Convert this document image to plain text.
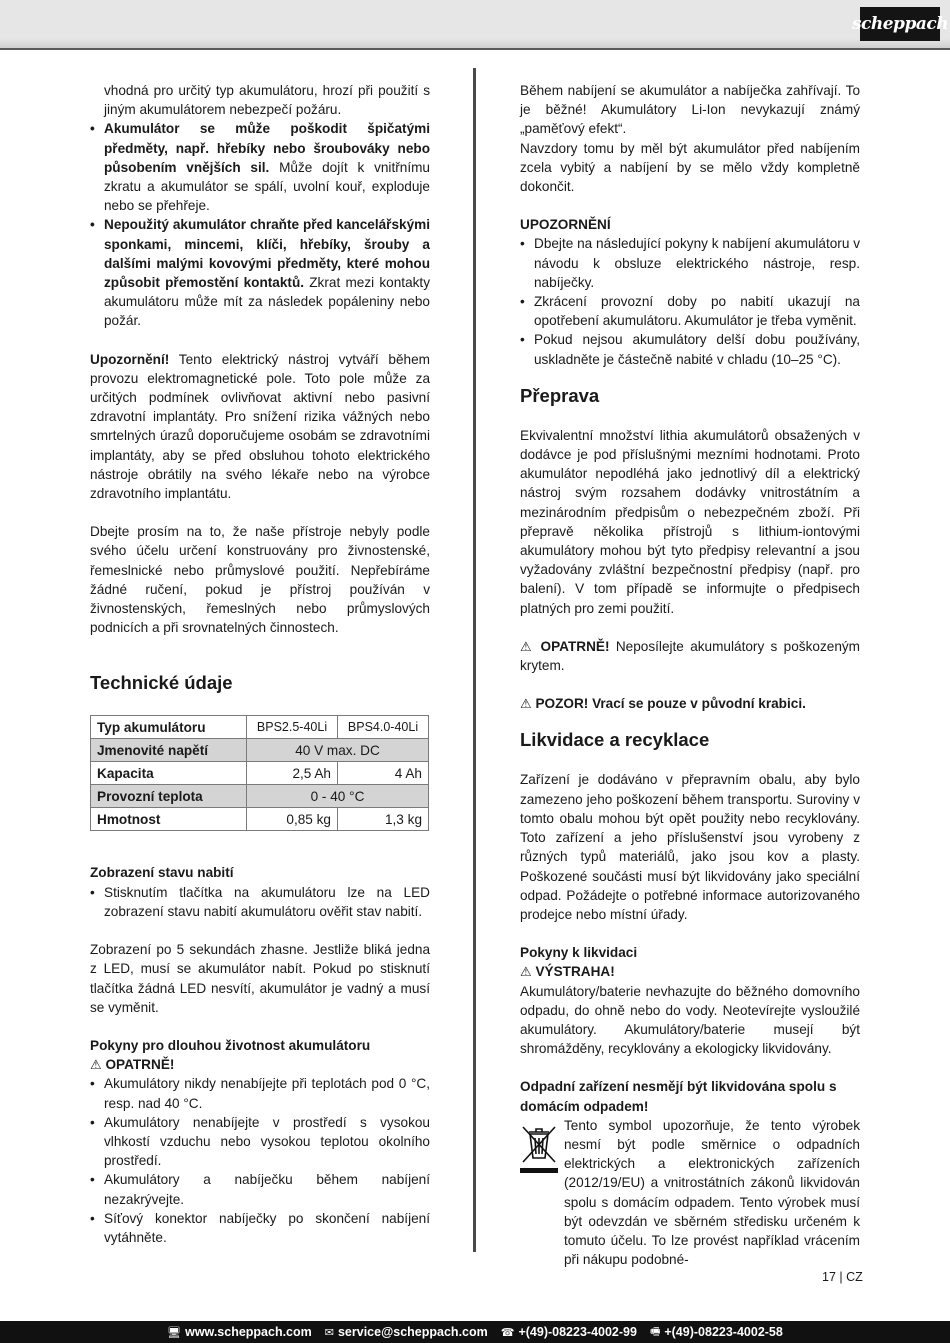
scheppach

vhodná pro určitý typ akumulátoru, hrozí při použití s jiným akumulátorem nebezpečí požáru.

• Akumulátor se může poškodit špičatými předměty, např. hřebíky nebo šroubováky nebo působením vnějších sil. Může dojít k vnitřnímu zkratu a akumulátor se spálí, uvolní kouř, exploduje nebo se přehřeje.
• Nepoužitý akumulátor chraňte před kancelářskými sponkami, mincemi, klíči, hřebíky, šrouby a dalšími malými kovovými předměty, které mohou způsobit přemostění kontaktů. Zkrat mezi kontakty akumulátoru může mít za následek popáleniny nebo požár.

Upozornění! Tento elektrický nástroj vytváří během provozu elektromagnetické pole. Toto pole může za určitých podmínek ovlivňovat aktivní nebo pasivní zdravotní implantáty. Pro snížení rizika vážných nebo smrtelných úrazů doporučujeme osobám se zdravotními implantáty, aby se před obsluhou tohoto elektrického nástroje obrátily na svého lékaře nebo na výrobce zdravotního implantátu.

Dbejte prosím na to, že naše přístroje nebyly podle svého účelu určení konstruovány pro živnostenské, řemeslnické nebo průmyslové použití. Nepřebíráme žádné ručení, pokud je přístroj používán v živnostenských, řemeslných nebo průmyslových podnicích a při srovnatelných činnostech.

Technické údaje
Typ akumulátoru	BPS2.5-40Li	BPS4.0-40Li
Jmenovité napětí	40 V max. DC	
Kapacita	2,5 Ah	4 Ah
Provozní teplota	0 - 40 °C	
Hmotnost	0,85 kg	1,3 kg
Zobrazení stavu nabití
• Stisknutím tlačítka na akumulátoru lze na LED zobrazení stavu nabití akumulátoru ověřit stav nabití.

Zobrazení po 5 sekundách zhasne. Jestliže bliká jedna z LED, musí se akumulátor nabít. Pokud po stisknutí tlačítka žádná LED nesvítí, akumulátor je vadný a musí se vyměnit.

Pokyny pro dlouhou životnost akumulátoru
⚠ OPATRNĚ!
• Akumulátory nikdy nenabíjejte při teplotách pod 0 °C, resp. nad 40 °C.
• Akumulátory nenabíjejte v prostředí s vysokou vlhkostí vzduchu nebo vysokou teplotou okolního prostředí.
• Akumulátory a nabíječku během nabíjení nezakrývejte.
• Síťový konektor nabíječky po skončení nabíjení vytáhněte.

Během nabíjení se akumulátor a nabíječka zahřívají. To je běžné! Akumulátory Li-Ion nevykazují známý „paměťový efekt“.

Navzdory tomu by měl být akumulátor před nabíjením zcela vybitý a nabíjení by se mělo vždy kompletně dokončit.

UPOZORNĚNÍ
• Dbejte na následující pokyny k nabíjení akumulátoru v návodu k obsluze elektrického nástroje, resp. nabíječky.
• Zkrácení provozní doby po nabití ukazují na opotřebení akumulátoru. Akumulátor je třeba vyměnit.
• Pokud nejsou akumulátory delší dobu používány, uskladněte je částečně nabité v chladu (10–25 °C).
Přeprava

Ekvivalentní množství lithia akumulátorů obsažených v dodávce je pod příslušnými mezními hodnotami. Proto akumulátor nepodléhá jako jednotlivý díl a elektrický nástroj svým rozsahem dodávky vnitrostátním a mezinárodním předpisům o nebezpečném zboží. Při přepravě několika přístrojů s lithium-iontovými akumulátory mohou být tyto předpisy relevantní a jsou vyžadovány zvláštní bezpečnostní předpisy (např. pro balení). V tom případě se informujte o předpisech platných pro zemi použití.

⚠ OPATRNĚ! Neposílejte akumulátory s poškozeným krytem.

⚠ POZOR! Vrací se pouze v původní krabici.

Likvidace a recyklace

Zařízení je dodáváno v přepravním obalu, aby bylo zamezeno jeho poškození během transportu. Suroviny v tomto obalu mohou být opět použity nebo recyklovány. Toto zařízení a jeho příslušenství jsou vyrobeny z různých typů materiálů, jako jsou kov a plasty. Poškozené součásti musí být likvidovány jako speciální odpad. Požádejte o potřebné informace autorizovaného prodejce nebo místní úřady.

Pokyny k likvidaci
⚠ VÝSTRAHA!

Akumulátory/baterie nevhazujte do běžného domovního odpadu, do ohně nebo do vody. Neotevírejte vysloužilé akumulátory. Akumulátory/baterie musejí být shromážděny, recyklovány a ekologicky likvidovány.

Odpadní zařízení nesmějí být likvidována spolu s domácím odpadem!

Tento symbol upozorňuje, že tento výrobek nesmí být podle směrnice o odpadních elektrických a elektronických zařízeních (2012/19/EU) a vnitrostátních zákonů likvidován spolu s domácím odpadem. Tento výrobek musí být odevzdán ve sběrném středisku určeném k tomuto účelu. To lze provést například vrácením při nákupu podobné-

17 | CZ
🖥 www.scheppach.com ✉ service@scheppach.com ☎ +(49)-08223-4002-99 🖷 +(49)-08223-4002-58
